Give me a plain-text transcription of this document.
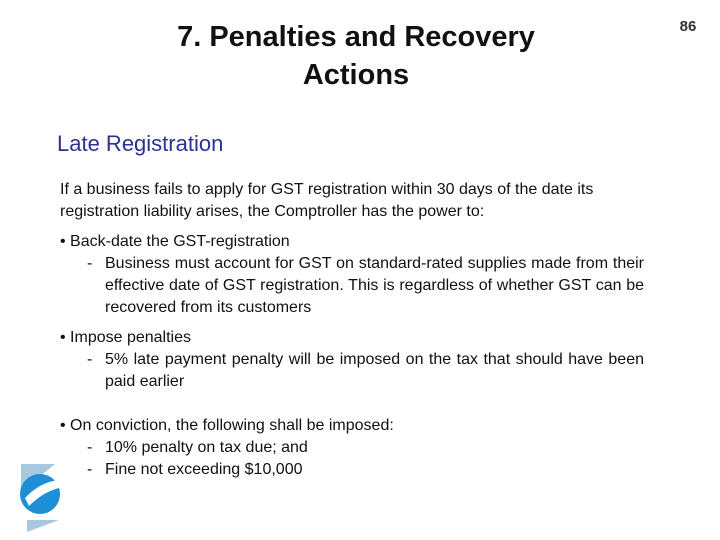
7. Penalties and Recovery
Actions
86
Late Registration
If a business fails to apply for GST registration within 30 days of the date its registration liability arises, the Comptroller has the power to:
• Back-date the GST-registration
- Business must account for GST on standard-rated supplies made from their effective date of GST registration. This is regardless of whether GST can be recovered from its customers
• Impose penalties
- 5% late payment penalty will be imposed on the tax that should have been paid earlier
• On conviction, the following shall be imposed:
- 10% penalty on tax due; and
- Fine not exceeding $10,000
